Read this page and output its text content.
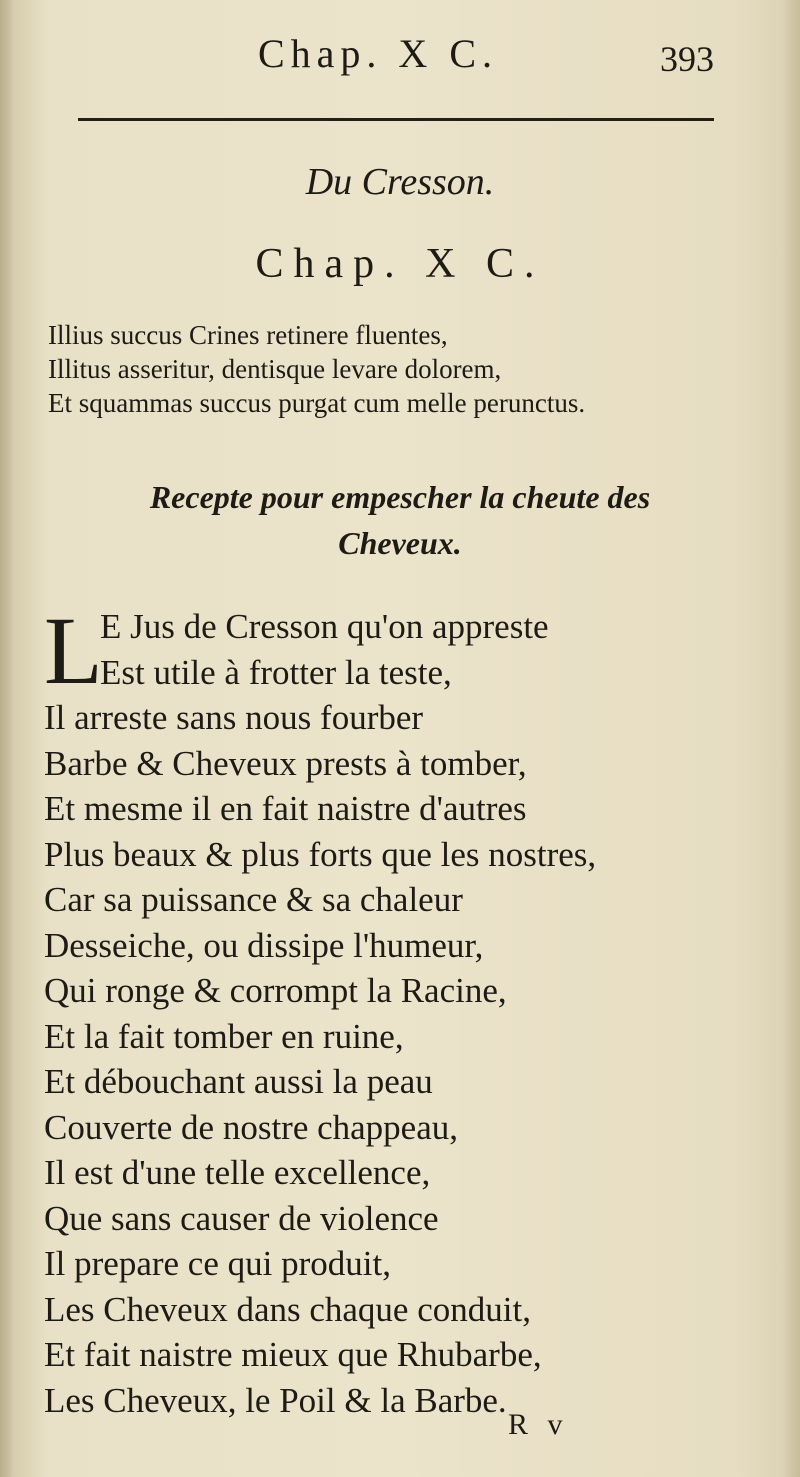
Chap. X C.	393
Du Cresson.
Chap. X C.
Illius succus Crines retinere fluentes,
Illitus asseritur, dentisque levare dolorem,
Et squammas succus purgat cum melle perunctus.
Recepte pour empescher la cheute des
Cheveux.
L
E Jus de Cresson qu'on appreste
Est utile à frotter la teste,
Il arreste sans nous fourber
Barbe & Cheveux prests à tomber,
Et mesme il en fait naistre d'autres
Plus beaux & plus forts que les nostres,
Car sa puissance & sa chaleur
Desseiche, ou dissipe l'humeur,
Qui ronge & corrompt la Racine,
Et la fait tomber en ruine,
Et débouchant aussi la peau
Couverte de nostre chappeau,
Il est d'une telle excellence,
Que sans causer de violence
Il prepare ce qui produit,
Les Cheveux dans chaque conduit,
Et fait naistre mieux que Rhubarbe,
Les Cheveux, le Poil & la Barbe.
R v
